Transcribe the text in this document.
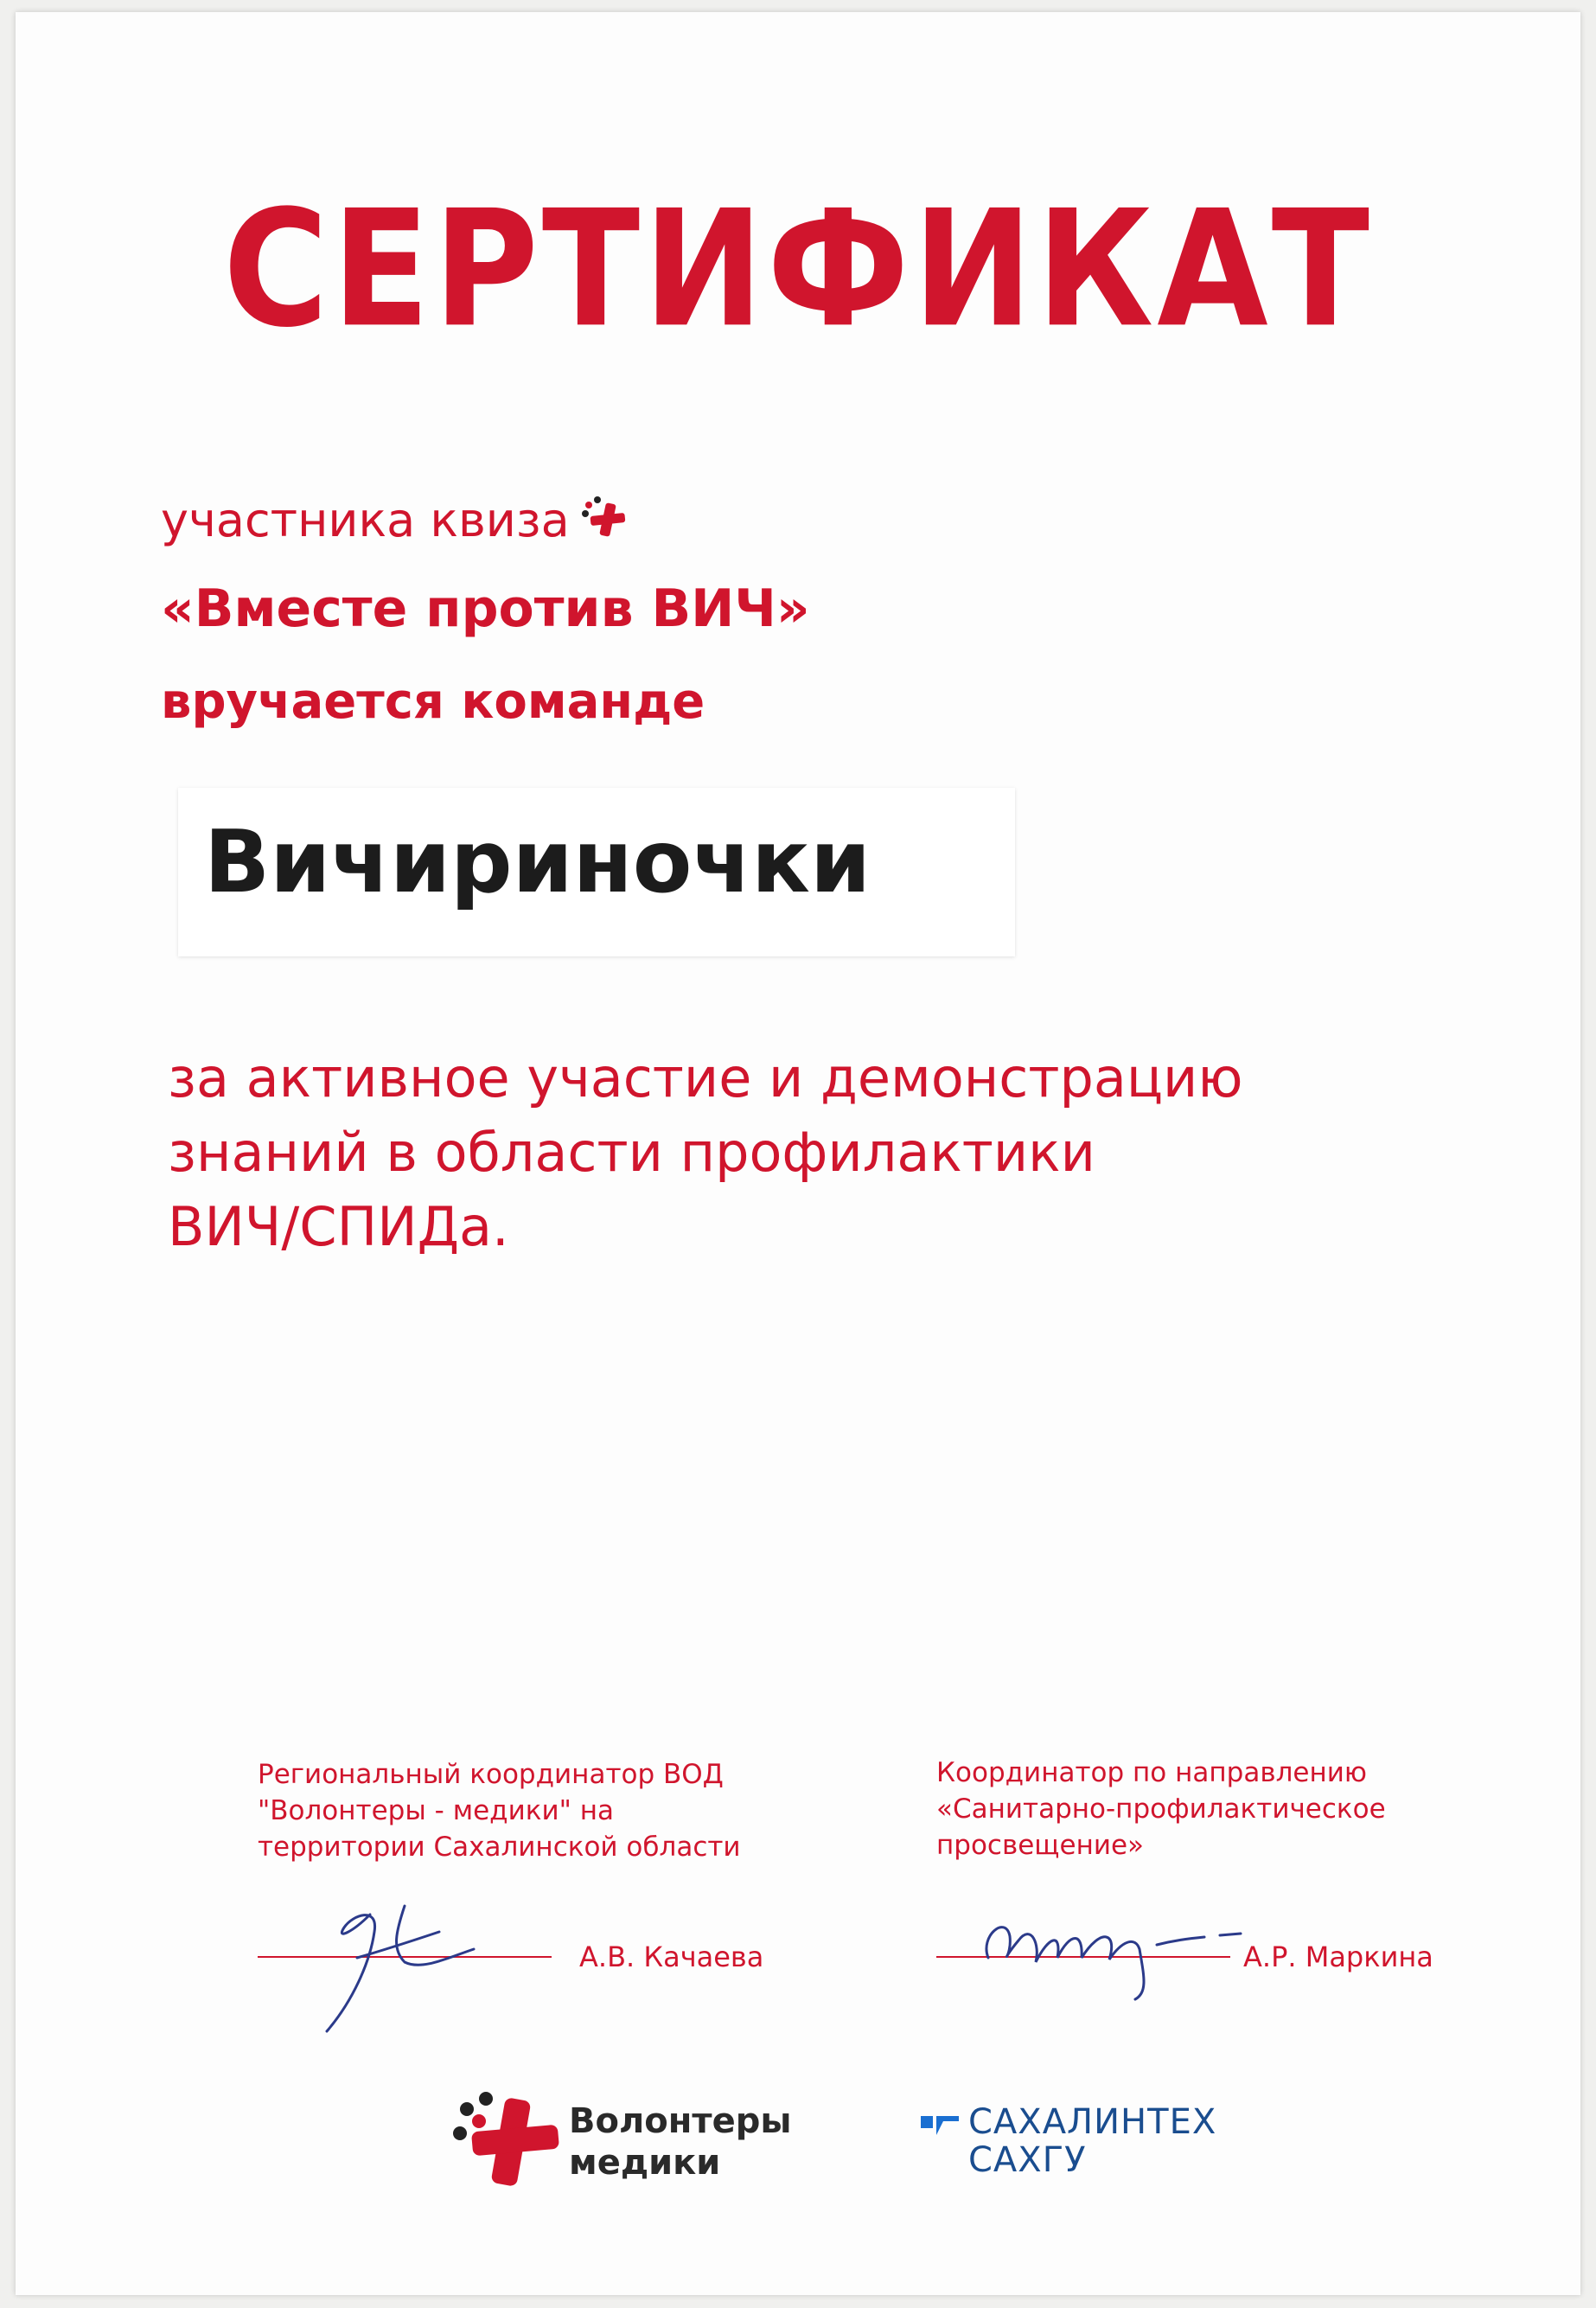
СЕРТИФИКАТ
участника квиза
«Вместе против ВИЧ»
вручается команде
Вичириночки
за активное участие и демонстрацию
знаний в области профилактики
ВИЧ/СПИДа.
Региональный координатор ВОД
"Волонтеры - медики" на
территории Сахалинской области
А.В. Качаева
Координатор по направлению
«Санитарно-профилактическое
просвещение»
А.Р. Маркина
Волонтеры
медики
САХАЛИНТЕХ
САХГУ
